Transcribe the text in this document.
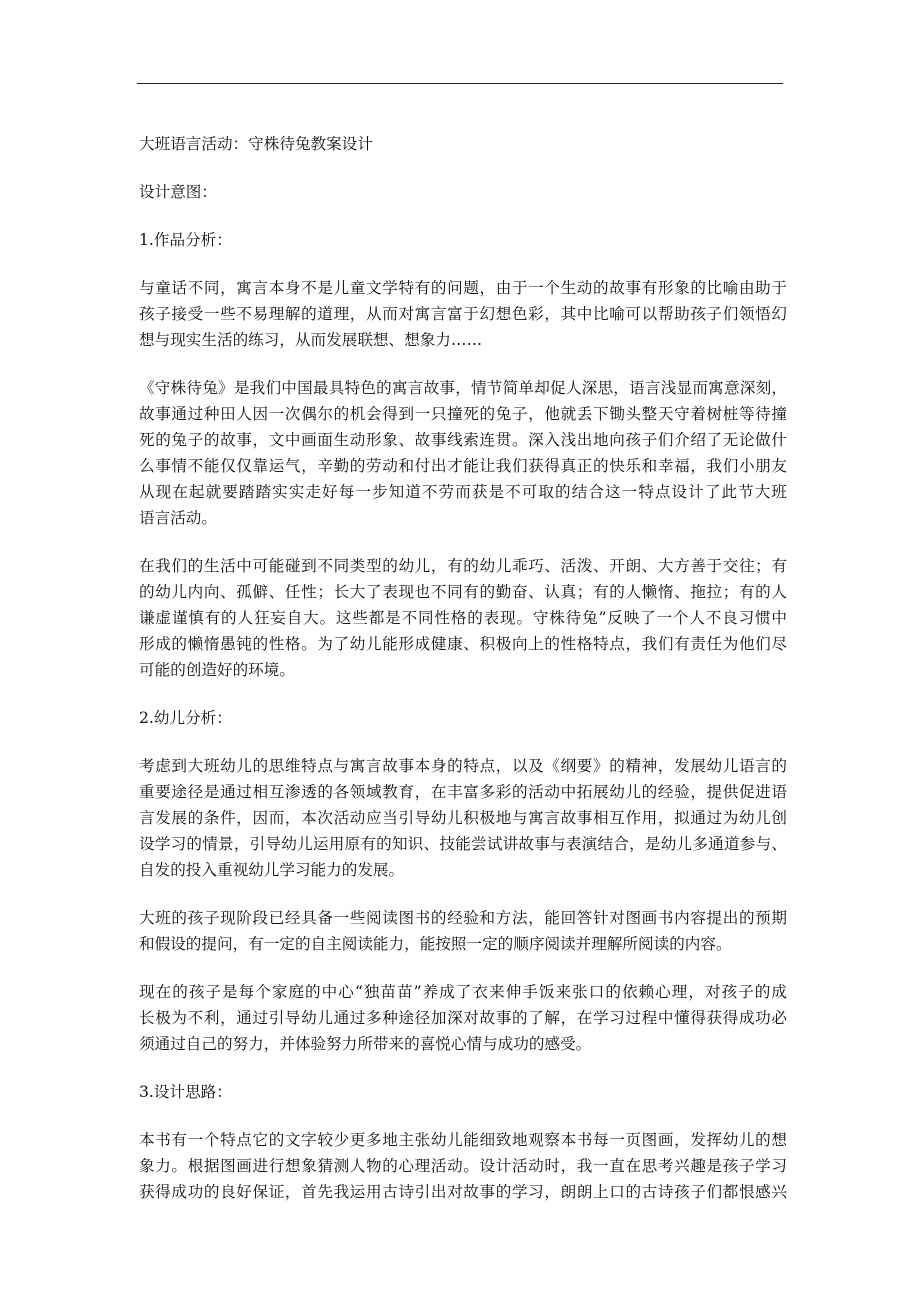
大班语言活动：守株待兔教案设计
设计意图：
1.作品分析：
与童话不同，寓言本身不是儿童文学特有的问题，由于一个生动的故事有形象的比喻由助于
孩子接受一些不易理解的道理，从而对寓言富于幻想色彩，其中比喻可以帮助孩子们领悟幻
想与现实生活的练习，从而发展联想、想象力……
《守株待兔》是我们中国最具特色的寓言故事，情节简单却促人深思，语言浅显而寓意深刻，
故事通过种田人因一次偶尔的机会得到一只撞死的兔子，他就丢下锄头整天守着树桩等待撞
死的兔子的故事，文中画面生动形象、故事线索连贯。深入浅出地向孩子们介绍了无论做什
么事情不能仅仅靠运气，辛勤的劳动和付出才能让我们获得真正的快乐和幸福，我们小朋友
从现在起就要踏踏实实走好每一步知道不劳而获是不可取的结合这一特点设计了此节大班
语言活动。
在我们的生活中可能碰到不同类型的幼儿，有的幼儿乖巧、活泼、开朗、大方善于交往；有
的幼儿内向、孤僻、任性；长大了表现也不同有的勤奋、认真；有的人懒惰、拖拉；有的人
谦虚谨慎有的人狂妄自大。这些都是不同性格的表现。守株待兔”反映了一个人不良习惯中
形成的懒惰愚钝的性格。为了幼儿能形成健康、积极向上的性格特点，我们有责任为他们尽
可能的创造好的环境。
2.幼儿分析：
考虑到大班幼儿的思维特点与寓言故事本身的特点，以及《纲要》的精神，发展幼儿语言的
重要途径是通过相互渗透的各领域教育，在丰富多彩的活动中拓展幼儿的经验，提供促进语
言发展的条件，因而，本次活动应当引导幼儿积极地与寓言故事相互作用，拟通过为幼儿创
设学习的情景，引导幼儿运用原有的知识、技能尝试讲故事与表演结合，是幼儿多通道参与、
自发的投入重视幼儿学习能力的发展。
大班的孩子现阶段已经具备一些阅读图书的经验和方法，能回答针对图画书内容提出的预期
和假设的提问，有一定的自主阅读能力，能按照一定的顺序阅读并理解所阅读的内容。
现在的孩子是每个家庭的中心“独苗苗”养成了衣来伸手饭来张口的依赖心理，对孩子的成
长极为不利，通过引导幼儿通过多种途径加深对故事的了解，在学习过程中懂得获得成功必
须通过自己的努力，并体验努力所带来的喜悦心情与成功的感受。
3.设计思路：
本书有一个特点它的文字较少更多地主张幼儿能细致地观察本书每一页图画，发挥幼儿的想
象力。根据图画进行想象猜测人物的心理活动。设计活动时，我一直在思考兴趣是孩子学习
获得成功的良好保证，首先我运用古诗引出对故事的学习，朗朗上口的古诗孩子们都恨感兴
